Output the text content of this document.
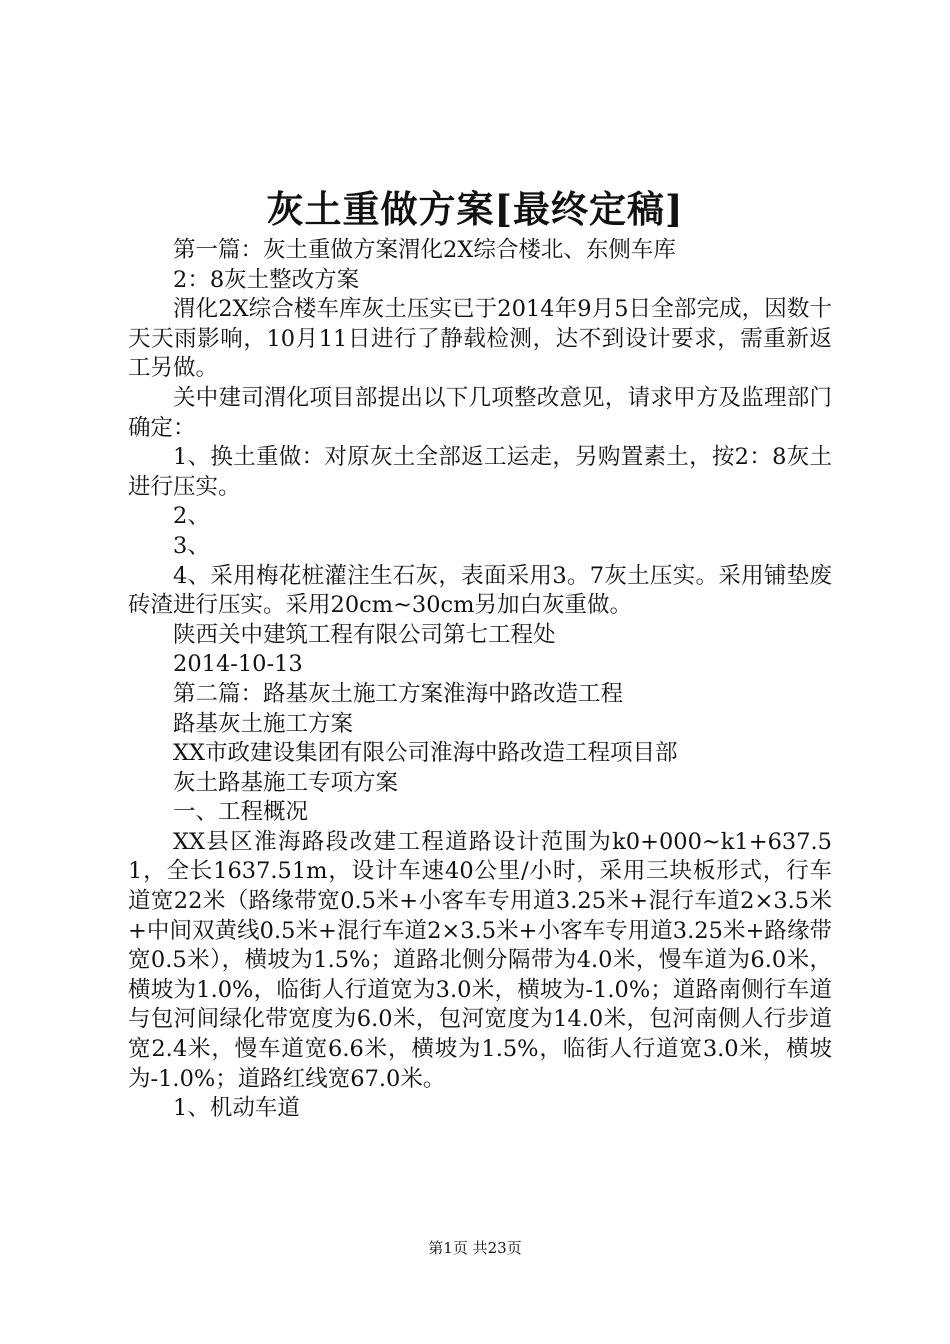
灰土重做方案[最终定稿]

第一篇：灰土重做方案渭化2X综合楼北、东侧车库

2：8灰土整改方案

渭化2X综合楼车库灰土压实已于2014年9月5日全部完成，因数十天天雨影响，10月11日进行了静载检测，达不到设计要求，需重新返工另做。

关中建司渭化项目部提出以下几项整改意见，请求甲方及监理部门确定：

1、换土重做：对原灰土全部返工运走，另购置素土，按2：8灰土进行压实。

2、

3、

4、采用梅花桩灌注生石灰，表面采用3。7灰土压实。采用铺垫废砖渣进行压实。采用20cm~30cm另加白灰重做。

陕西关中建筑工程有限公司第七工程处

2014-10-13

第二篇：路基灰土施工方案淮海中路改造工程

路基灰土施工方案

XX市政建设集团有限公司淮海中路改造工程项目部

灰土路基施工专项方案

一、工程概况

XX县区淮海路段改建工程道路设计范围为k0+000~k1+637.51，全长1637.51m，设计车速40公里/小时，采用三块板形式，行车道宽22米（路缘带宽0.5米+小客车专用道3.25米+混行车道2×3.5米+中间双黄线0.5米+混行车道2×3.5米+小客车专用道3.25米+路缘带宽0.5米），横坡为1.5%；道路北侧分隔带为4.0米，慢车道为6.0米，横坡为1.0%，临街人行道宽为3.0米，横坡为-1.0%；道路南侧行车道与包河间绿化带宽度为6.0米，包河宽度为14.0米，包河南侧人行步道宽2.4米，慢车道宽6.6米，横坡为1.5%，临街人行道宽3.0米，横坡为-1.0%；道路红线宽67.0米。

1、机动车道

第1页 共23页
